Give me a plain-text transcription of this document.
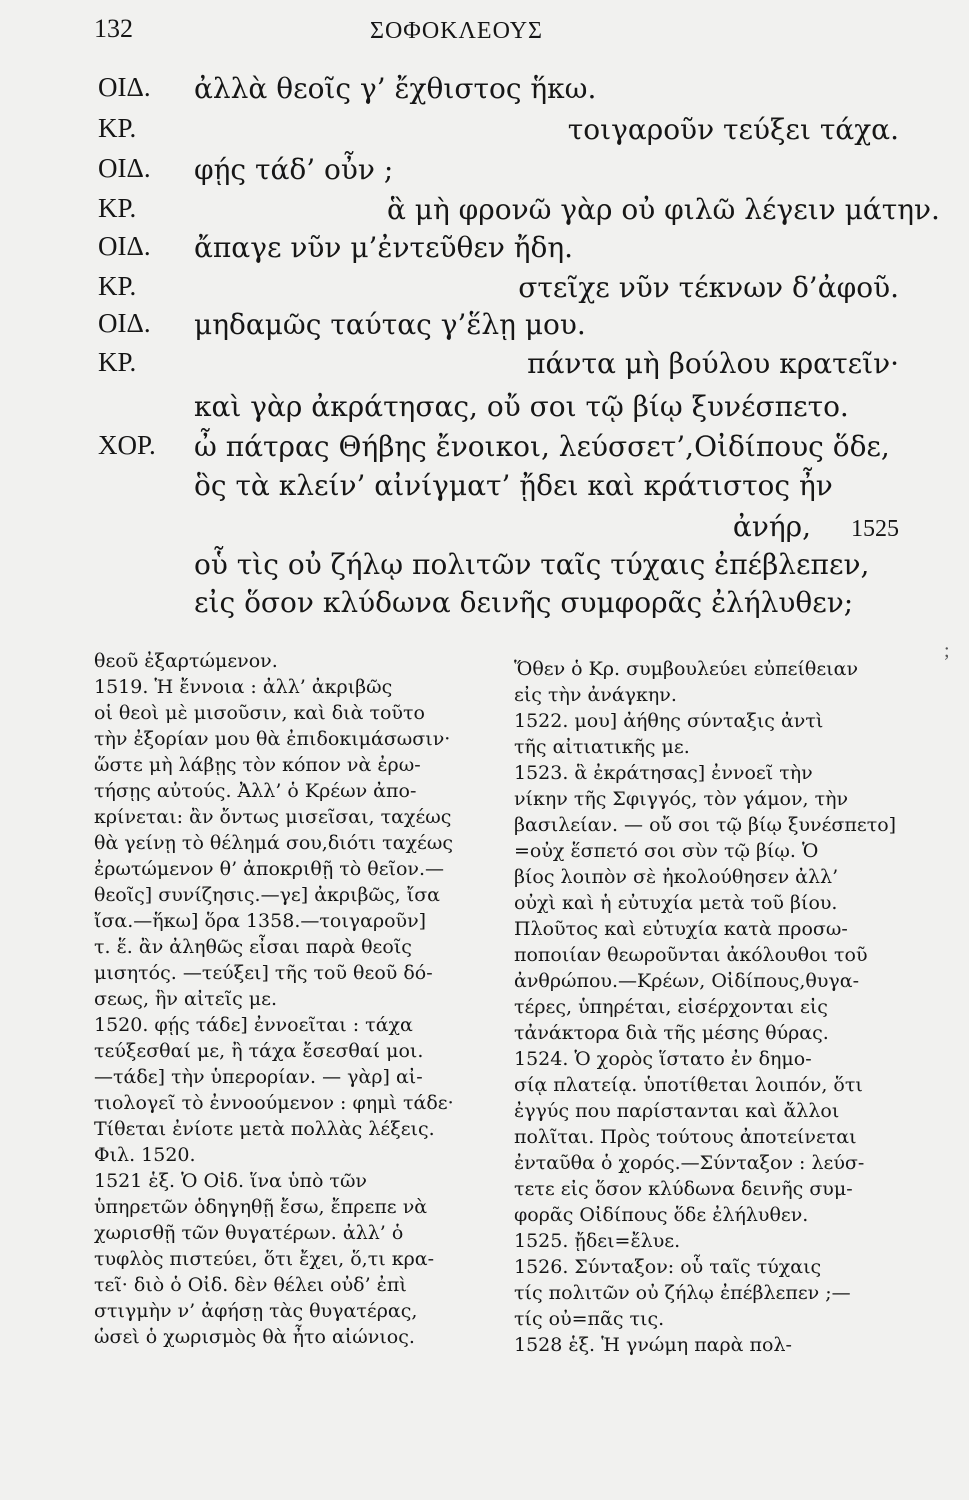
132	ΣΟΦΟΚΛΕΟΥΣ
ΟΙΔ. ἀλλὰ θεοῖς γ’ ἔχθιστος ἥκω.
ΚΡ.	τοιγαροῦν τεύξει τάχα.
ΟΙΔ. φῄς τάδ’ οὖν ;
ΚΡ.	ἃ μὴ φρονῶ γὰρ οὐ φιλῶ λέγειν μάτην.
ΟΙΔ. ἄπαγε νῦν μ’ἐντεῦθεν ἤδη.
ΚΡ.	στεῖχε νῦν τέκνων δ’ἀφοῦ.
ΟΙΔ. μηδαμῶς ταύτας γ’ἕλῃ μου.
ΚΡ.	πάντα μὴ βούλου κρατεῖν·
καὶ γὰρ ἀκράτησας, οὔ σοι τῷ βίῳ ξυνέσπετο.
ΧΟΡ. ὦ πάτρας Θήβης ἔνοικοι, λεύσσετ’,Οἰδίπους ὅδε,
ὃς τὰ κλείν’ αἰνίγματ’ ᾔδει καὶ κράτιστος ἦν
ἀνήρ, 1525
οὗ τὶς οὐ ζήλῳ πολιτῶν ταῖς τύχαις ἐπέβλεπεν,
εἰς ὅσον κλύδωνα δεινῆς συμφορᾶς ἐλήλυθεν;
θεοῦ ἐξαρτώμενον.
1519. Ἡ ἔννοια : ἀλλ’ ἀκριβῶς
οἱ θεοὶ μὲ μισοῦσιν, καὶ διὰ τοῦτο
τὴν ἐξορίαν μου θὰ ἐπιδοκιμάσωσιν·
ὥστε μὴ λάβῃς τὸν κόπον νὰ ἐρω-
τήσῃς αὐτούς. Ἀλλ’ ὁ Κρέων ἀπο-
κρίνεται: ἂν ὄντως μισεῖσαι, ταχέως
θὰ γείνῃ τὸ θέλημά σου,διότι ταχέως
ἐρωτώμενον θ’ ἀποκριθῇ τὸ θεῖον.—
θεοῖς] συνίζησις.—γε] ἀκριβῶς, ἴσα
ἴσα.—ἥκω] ὅρα 1358.—τοιγαροῦν]
τ. ἕ. ἂν ἀληθῶς εἶσαι παρὰ θεοῖς
μισητός. —τεύξει] τῆς τοῦ θεοῦ δό-
σεως, ἣν αἰτεῖς με.
1520. φῄς τάδε] ἐννοεῖται : τάχα
τεύξεσθαί με, ἢ τάχα ἔσεσθαί μοι.
—τάδε] τὴν ὑπερορίαν. — γὰρ] αἰ-
τιολογεῖ τὸ ἐννοούμενον : φημὶ τάδε·
Τίθεται ἐνίοτε μετὰ πολλὰς λέξεις.
Φιλ. 1520.
1521 ἑξ. Ὁ Οἰδ. ἵνα ὑπὸ τῶν
ὑπηρετῶν ὁδηγηθῇ ἔσω, ἔπρεπε νὰ
χωρισθῇ τῶν θυγατέρων. ἀλλ’ ὁ
τυφλὸς πιστεύει, ὅτι ἔχει, ὅ,τι κρα-
τεῖ· διὸ ὁ Οἰδ. δὲν θέλει οὐδ’ ἐπὶ
στιγμὴν ν’ ἀφήσῃ τὰς θυγατέρας,
ὡσεὶ ὁ χωρισμὸς θὰ ἦτο αἰώνιος.
Ὅθεν ὁ Κρ. συμβουλεύει εὐπείθειαν
εἰς τὴν ἀνάγκην.
1522. μου] ἀήθης σύνταξις ἀντὶ
τῆς αἰτιατικῆς με.
1523. ἃ ἐκράτησας] ἐννοεῖ τὴν
νίκην τῆς Σφιγγός, τὸν γάμον, τὴν
βασιλείαν. — οὔ σοι τῷ βίῳ ξυνέσπετο]
=οὐχ ἕσπετό σοι σὺν τῷ βίῳ. Ὁ
βίος λοιπὸν σὲ ἠκολούθησεν ἀλλ’
οὐχὶ καὶ ἡ εὐτυχία μετὰ τοῦ βίου.
Πλοῦτος καὶ εὐτυχία κατὰ προσω-
ποποιίαν θεωροῦνται ἀκόλουθοι τοῦ
ἀνθρώπου.—Κρέων, Οἰδίπους,θυγα-
τέρες, ὑπηρέται, εἰσέρχονται εἰς
τἀνάκτορα διὰ τῆς μέσης θύρας.
1524. Ὁ χορὸς ἵστατο ἐν δημο-
σίᾳ πλατείᾳ. ὑποτίθεται λοιπόν, ὅτι
ἐγγύς που παρίστανται καὶ ἄλλοι
πολῖται. Πρὸς τούτους ἀποτείνεται
ἐνταῦθα ὁ χορός.—Σύνταξον : λεύσ-
τετε εἰς ὅσον κλύδωνα δεινῆς συμ-
φορᾶς Οἰδίπους ὅδε ἐλήλυθεν.
1525. ᾔδει=ἔλυε.
1526. Σύνταξον: οὗ ταῖς τύχαις
τίς πολιτῶν οὐ ζήλῳ ἐπέβλεπεν ;—
τίς οὐ=πᾶς τις.
1528 ἑξ. Ἡ γνώμη παρὰ πολ-
;
